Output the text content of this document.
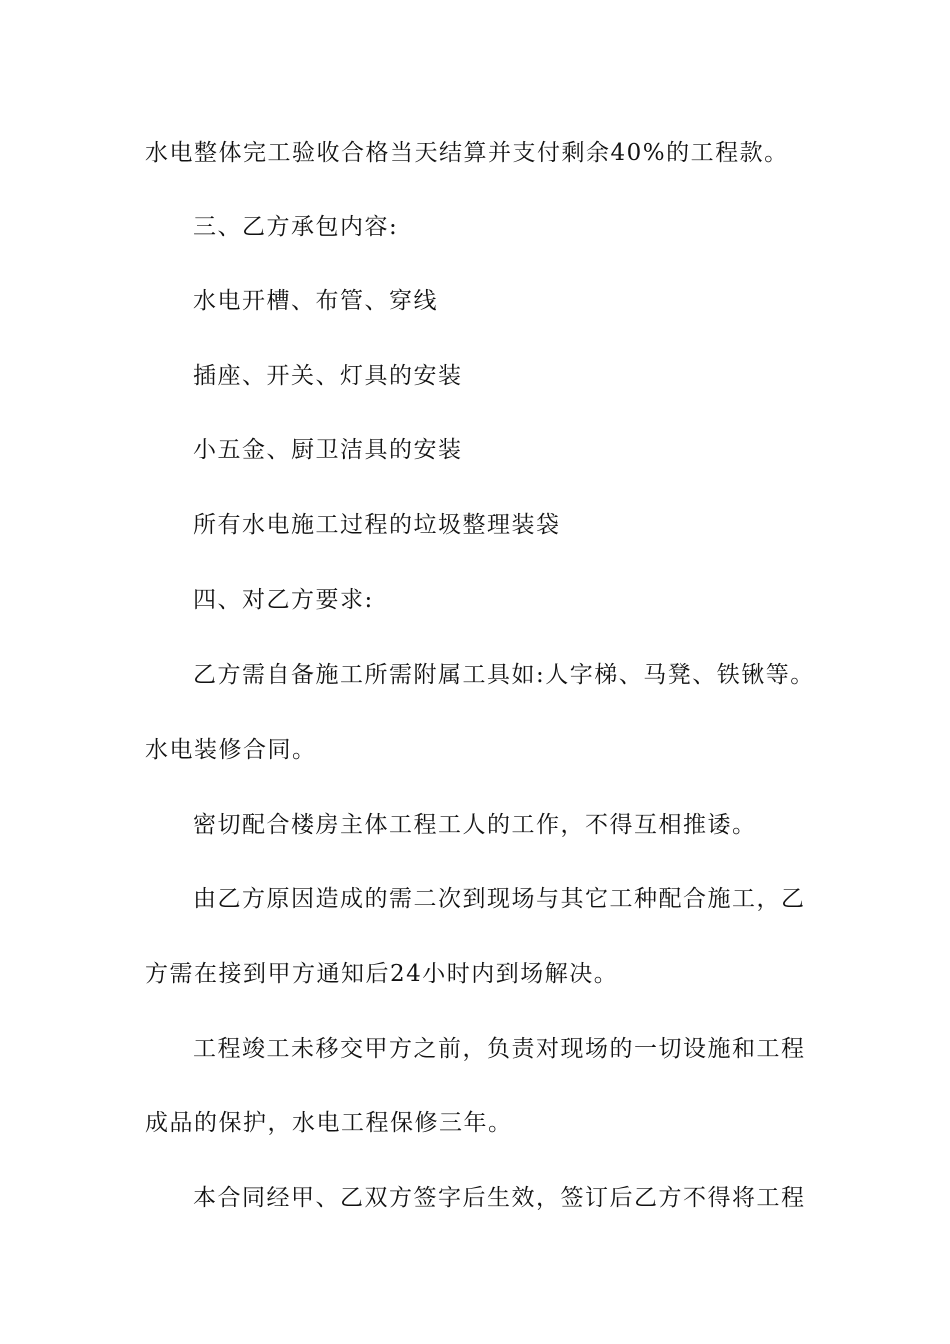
水电整体完工验收合格当天结算并支付剩余40%的工程款。
三、乙方承包内容:
水电开槽、布管、穿线
插座、开关、灯具的安装
小五金、厨卫洁具的安装
所有水电施工过程的垃圾整理装袋
四、对乙方要求:
乙方需自备施工所需附属工具如:人字梯、马凳、铁锹等。
水电装修合同。
密切配合楼房主体工程工人的工作，不得互相推诿。
由乙方原因造成的需二次到现场与其它工种配合施工，乙
方需在接到甲方通知后24小时内到场解决。
工程竣工未移交甲方之前，负责对现场的一切设施和工程
成品的保护，水电工程保修三年。
本合同经甲、乙双方签字后生效，签订后乙方不得将工程
